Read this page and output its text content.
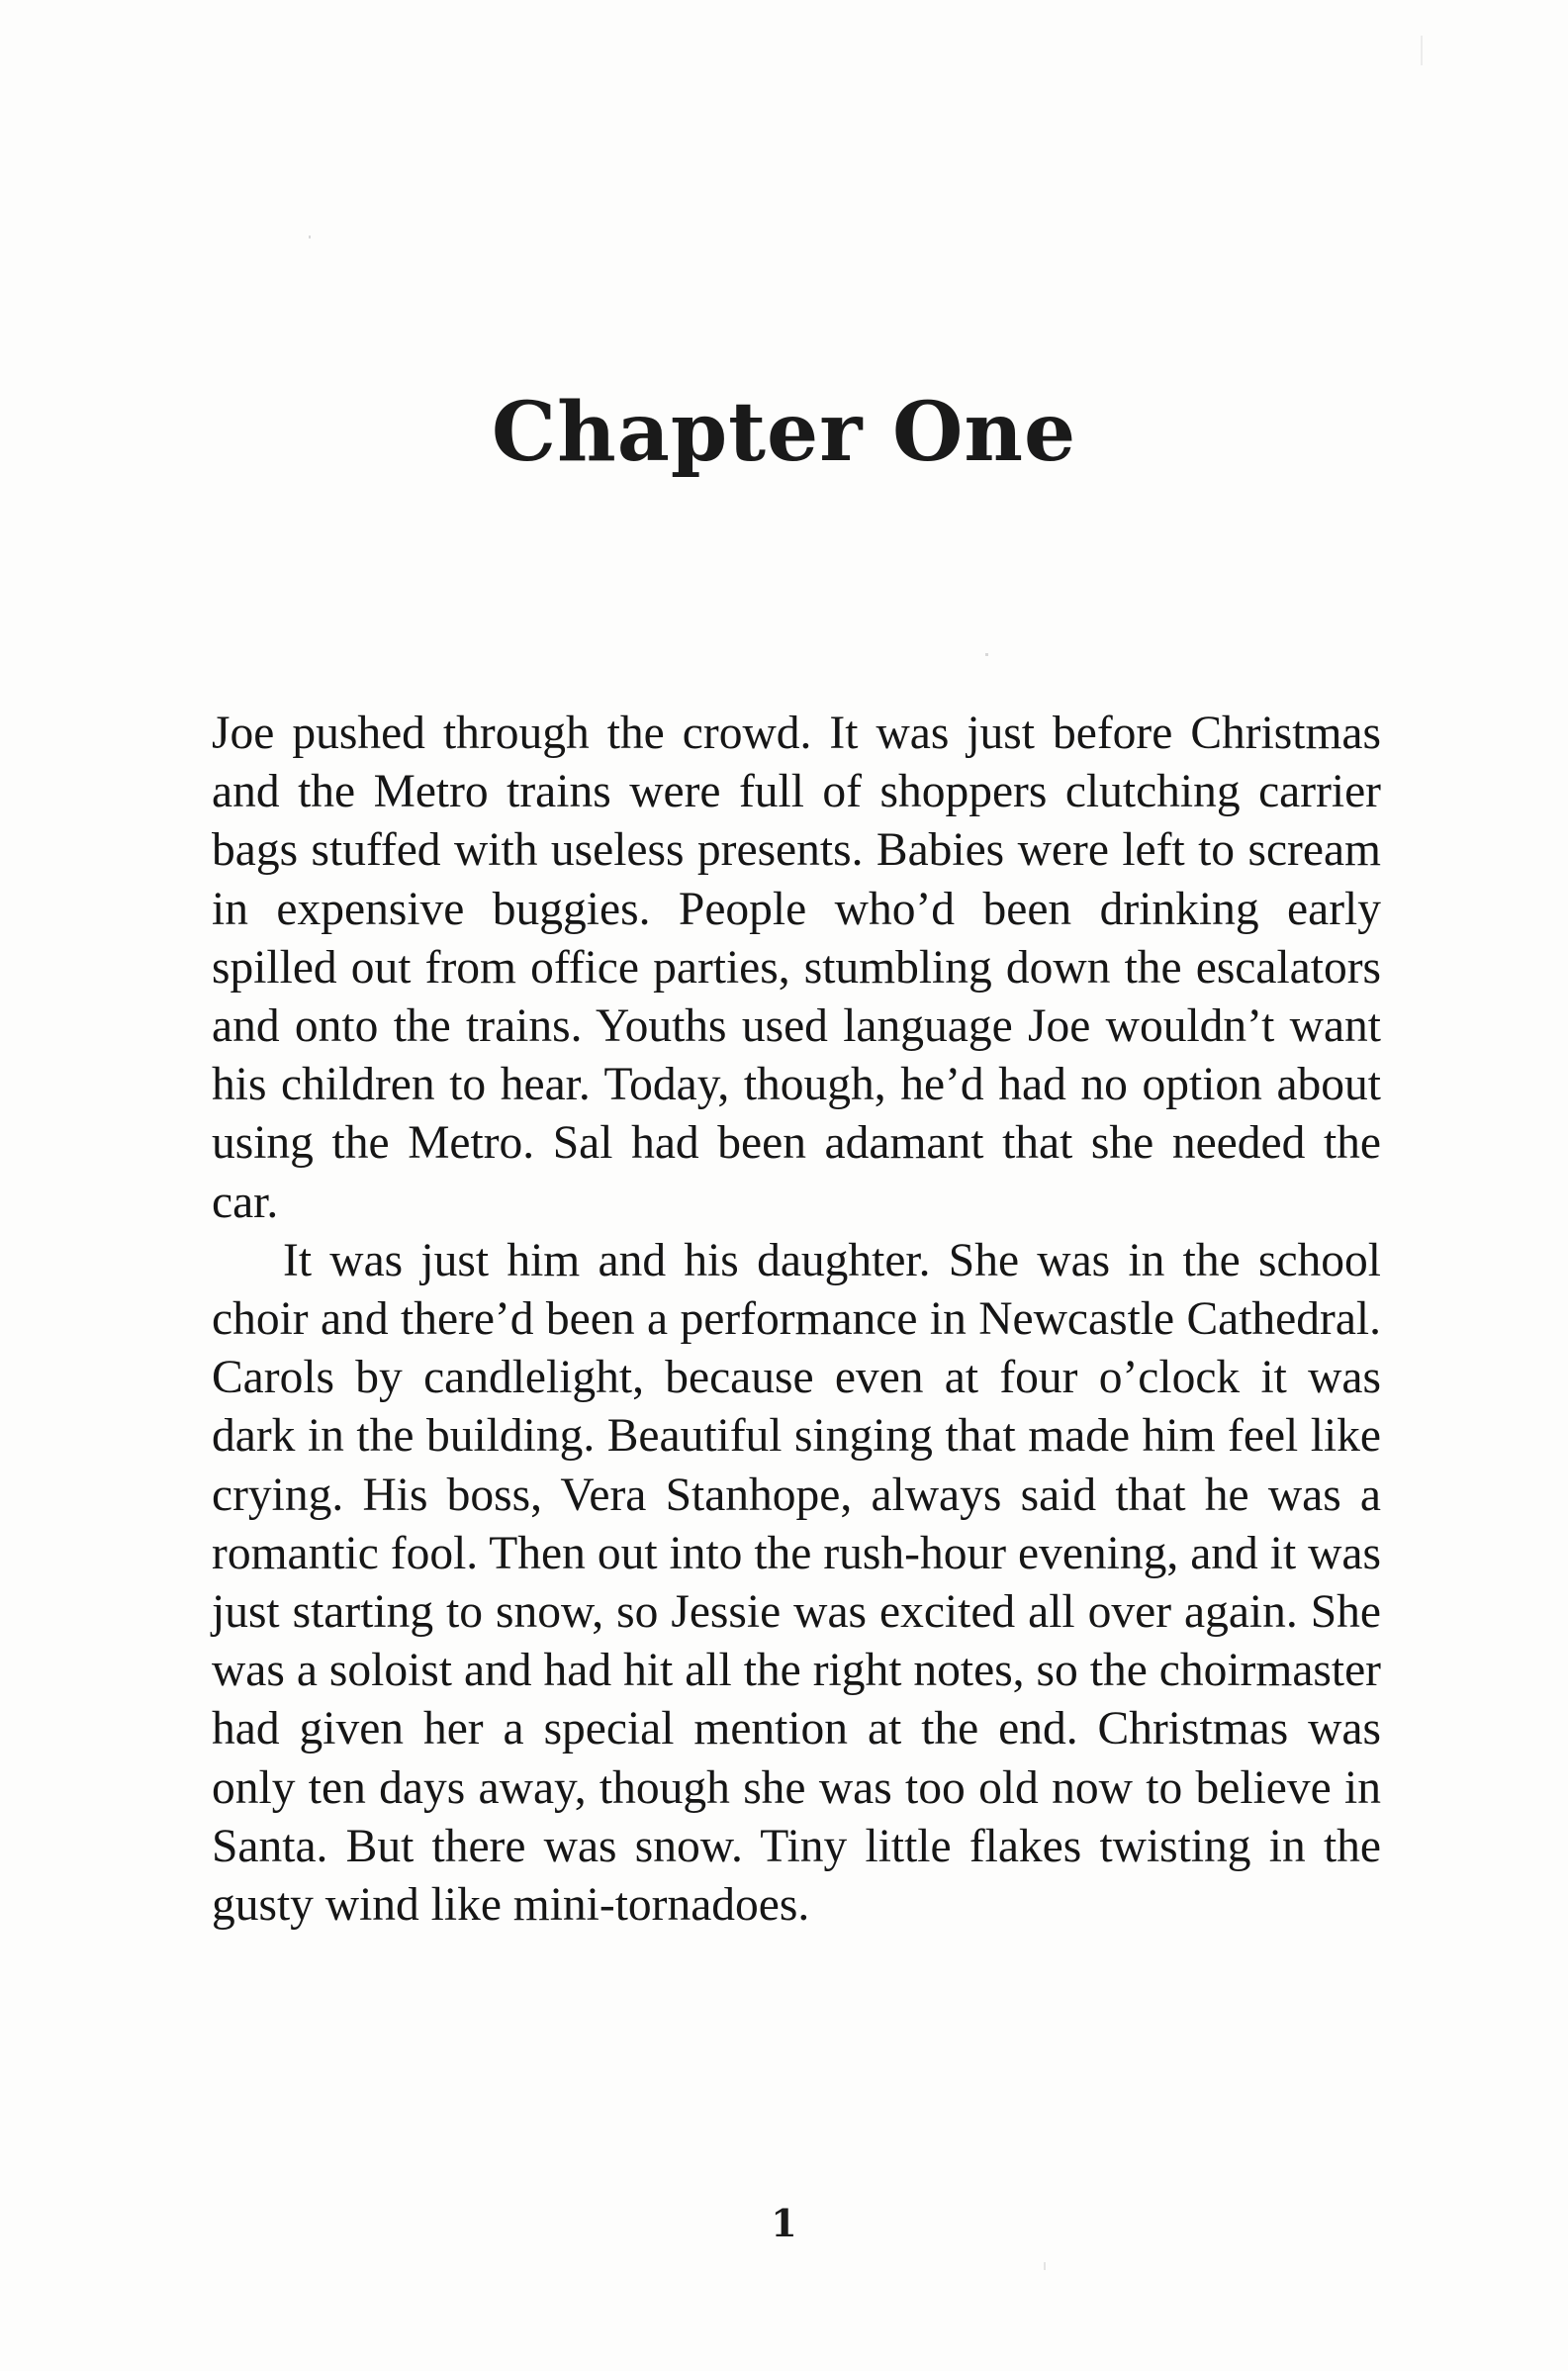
Chapter One

Joe pushed through the crowd. It was just before Christmas and the Metro trains were full of shoppers clutching carrier bags stuffed with useless presents. Babies were left to scream in expensive buggies. People who’d been drinking early spilled out from office parties, stumbling down the escalators and onto the trains. Youths used language Joe wouldn’t want his children to hear. Today, though, he’d had no option about using the Metro. Sal had been adamant that she needed the car.

It was just him and his daughter. She was in the school choir and there’d been a performance in Newcastle Cathedral. Carols by candlelight, because even at four o’clock it was dark in the building. Beautiful singing that made him feel like crying. His boss, Vera Stanhope, always said that he was a romantic fool. Then out into the rush-hour evening, and it was just starting to snow, so Jessie was excited all over again. She was a soloist and had hit all the right notes, so the choirmaster had given her a special mention at the end. Christmas was only ten days away, though she was too old now to believe in Santa. But there was snow. Tiny little flakes twisting in the gusty wind like mini-tornadoes.

1
